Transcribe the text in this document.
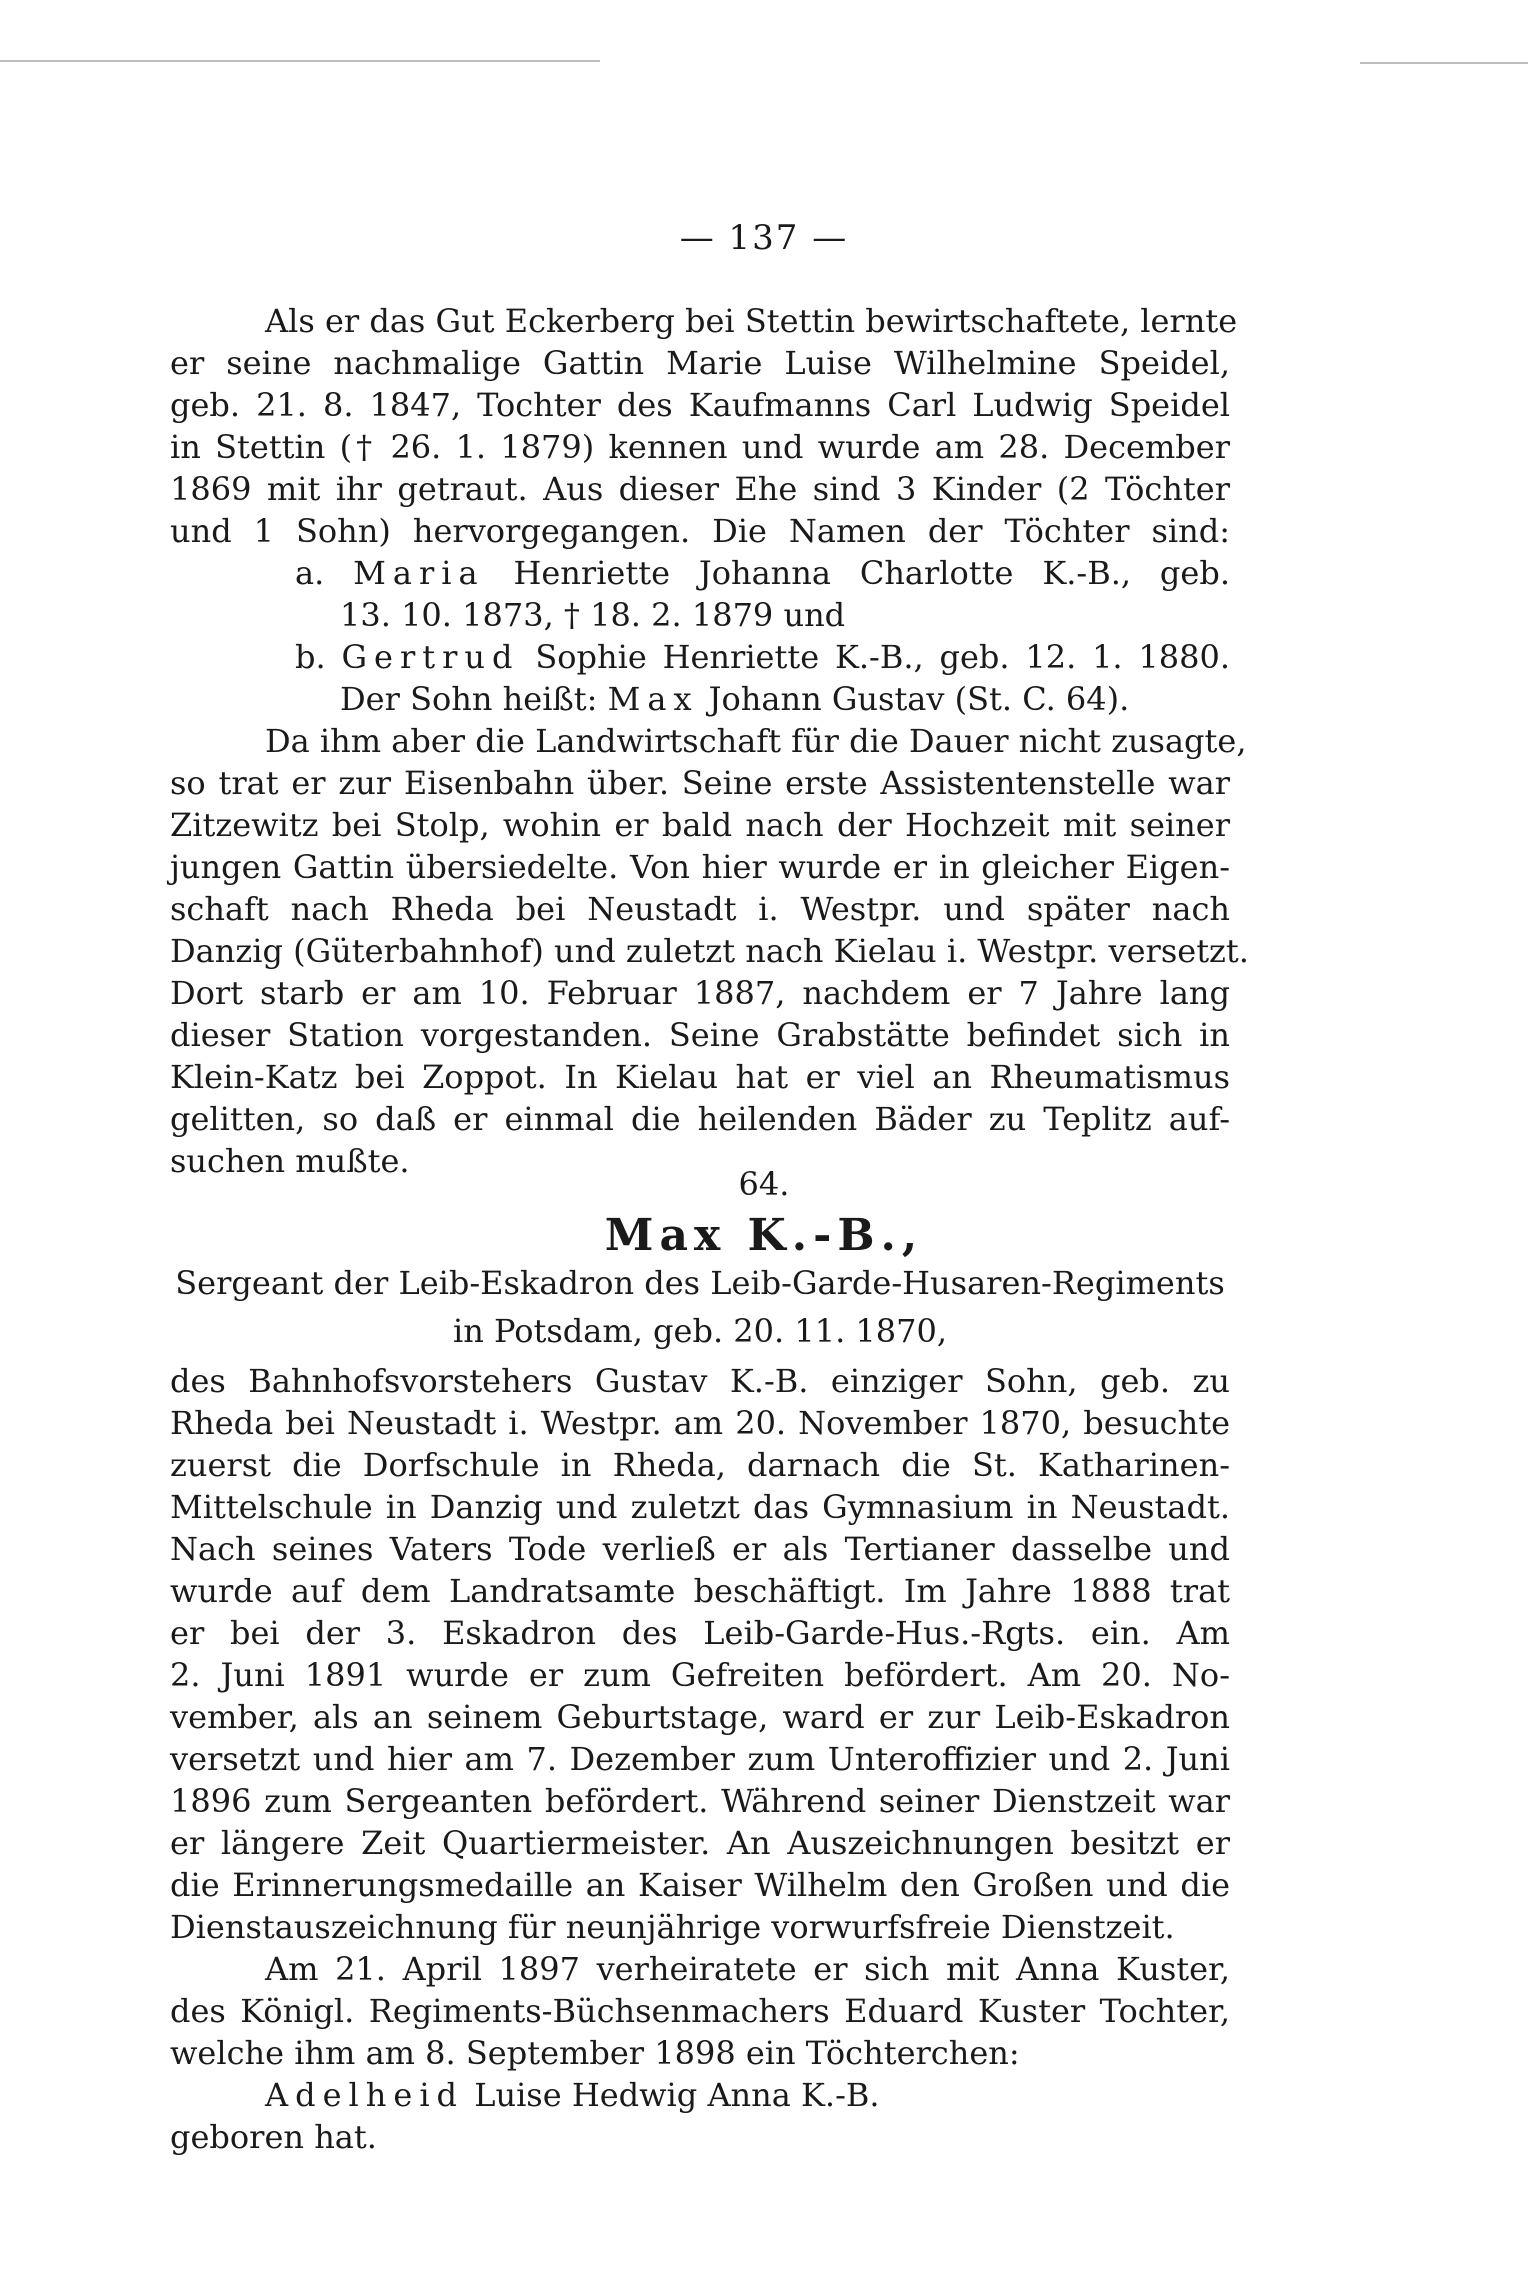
— 137 —
Als er das Gut Eckerberg bei Stettin bewirtschaftete, lernte
er seine nachmalige Gattin Marie Luise Wilhelmine Speidel,
geb. 21. 8. 1847, Tochter des Kaufmanns Carl Ludwig Speidel
in Stettin († 26. 1. 1879) kennen und wurde am 28. December
1869 mit ihr getraut. Aus dieser Ehe sind 3 Kinder (2 Töchter
und 1 Sohn) hervorgegangen. Die Namen der Töchter sind:
a. Maria Henriette Johanna Charlotte K.-B., geb.
13. 10. 1873, † 18. 2. 1879 und
b. Gertrud Sophie Henriette K.-B., geb. 12. 1. 1880.
Der Sohn heißt: Max Johann Gustav (St. C. 64).
Da ihm aber die Landwirtschaft für die Dauer nicht zusagte,
so trat er zur Eisenbahn über. Seine erste Assistentenstelle war
Zitzewitz bei Stolp, wohin er bald nach der Hochzeit mit seiner
jungen Gattin übersiedelte. Von hier wurde er in gleicher Eigen-
schaft nach Rheda bei Neustadt i. Westpr. und später nach
Danzig (Güterbahnhof) und zuletzt nach Kielau i. Westpr. versetzt.
Dort starb er am 10. Februar 1887, nachdem er 7 Jahre lang
dieser Station vorgestanden. Seine Grabstätte befindet sich in
Klein-Katz bei Zoppot. In Kielau hat er viel an Rheumatismus
gelitten, so daß er einmal die heilenden Bäder zu Teplitz auf-
suchen mußte.
64.
Max K.-B.,
Sergeant der Leib-Eskadron des Leib-Garde-Husaren-Regiments
in Potsdam, geb. 20. 11. 1870,
des Bahnhofsvorstehers Gustav K.-B. einziger Sohn, geb. zu
Rheda bei Neustadt i. Westpr. am 20. November 1870, besuchte
zuerst die Dorfschule in Rheda, darnach die St. Katharinen-
Mittelschule in Danzig und zuletzt das Gymnasium in Neustadt.
Nach seines Vaters Tode verließ er als Tertianer dasselbe und
wurde auf dem Landratsamte beschäftigt. Im Jahre 1888 trat
er bei der 3. Eskadron des Leib-Garde-Hus.-Rgts. ein. Am
2. Juni 1891 wurde er zum Gefreiten befördert. Am 20. No-
vember, als an seinem Geburtstage, ward er zur Leib-Eskadron
versetzt und hier am 7. Dezember zum Unteroffizier und 2. Juni
1896 zum Sergeanten befördert. Während seiner Dienstzeit war
er längere Zeit Quartiermeister. An Auszeichnungen besitzt er
die Erinnerungsmedaille an Kaiser Wilhelm den Großen und die
Dienstauszeichnung für neunjährige vorwurfsfreie Dienstzeit.
Am 21. April 1897 verheiratete er sich mit Anna Kuster,
des Königl. Regiments-Büchsenmachers Eduard Kuster Tochter,
welche ihm am 8. September 1898 ein Töchterchen:
Adelheid Luise Hedwig Anna K.-B.
geboren hat.
